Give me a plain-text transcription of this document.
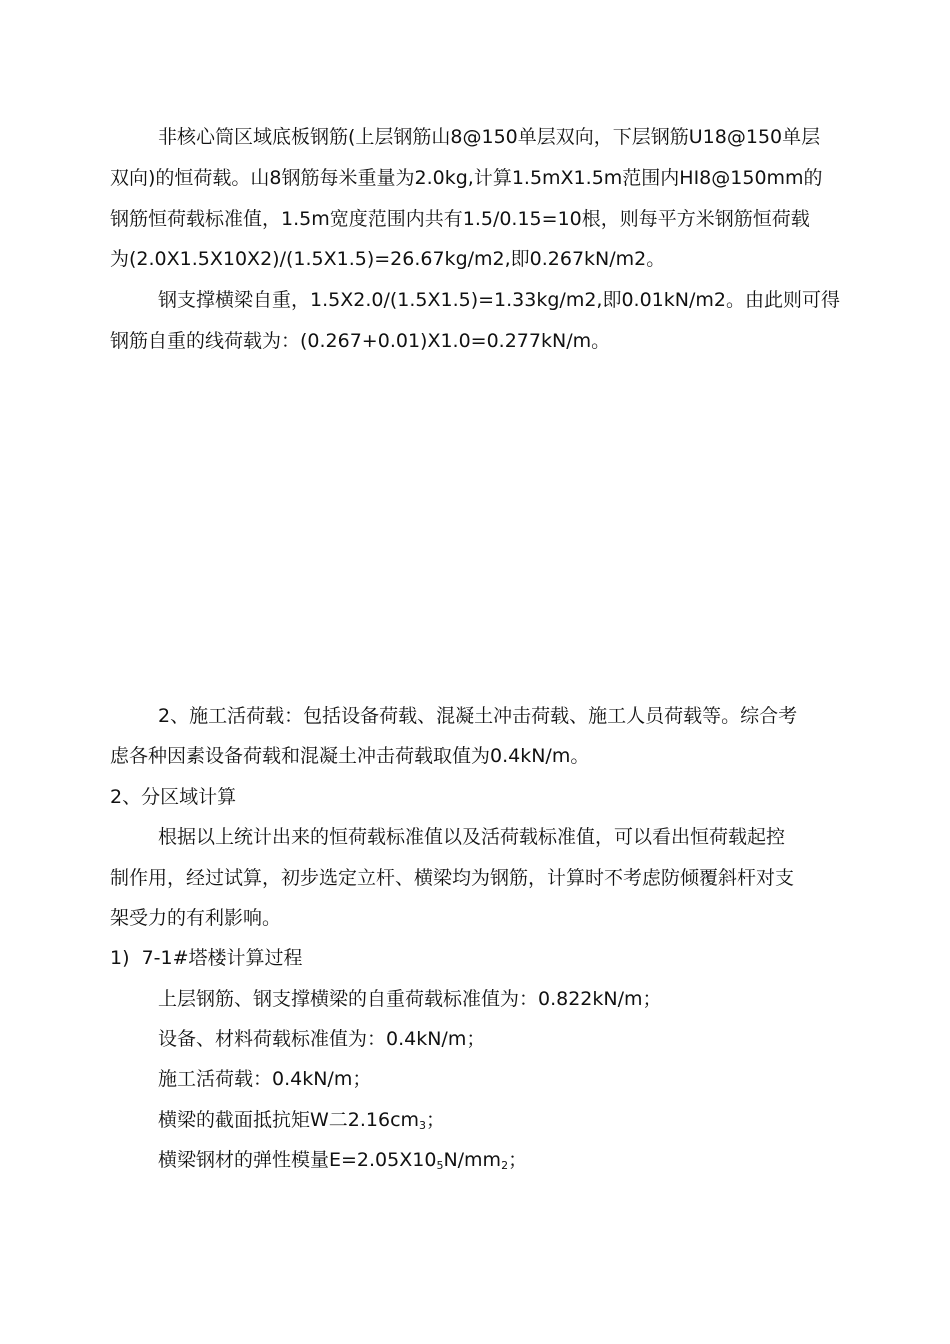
非核心筒区域底板钢筋(上层钢筋山8@150单层双向，下层钢筋U18@150单层
双向)的恒荷载。山8钢筋每米重量为2.0kg,计算1.5mX1.5m范围内HI8@150mm的
钢筋恒荷载标准值，1.5m宽度范围内共有1.5/0.15=10根，则每平方米钢筋恒荷载
为(2.0X1.5X10X2)/(1.5X1.5)=26.67kg/m2,即0.267kN/m2。
钢支撑横梁自重，1.5X2.0/(1.5X1.5)=1.33kg/m2,即0.01kN/m2。由此则可得
钢筋自重的线荷载为：(0.267+0.01)X1.0=0.277kN/m。
2、施工活荷载：包括设备荷载、混凝土冲击荷载、施工人员荷载等。综合考
虑各种因素设备荷载和混凝土冲击荷载取值为0.4kN/m。
2、分区域计算
根据以上统计出来的恒荷载标准值以及活荷载标准值，可以看出恒荷载起控
制作用，经过试算，初步选定立杆、横梁均为钢筋，计算时不考虑防倾覆斜杆对支
架受力的有利影响。
1)  7-1#塔楼计算过程
上层钢筋、钢支撑横梁的自重荷载标准值为：0.822kN/m；
设备、材料荷载标准值为：0.4kN/m；
施工活荷载：0.4kN/m；
横梁的截面抵抗矩W二$2.16cm_3$；
横梁钢材的弹性模量$E=2.05X10_5N/mm_2$；
